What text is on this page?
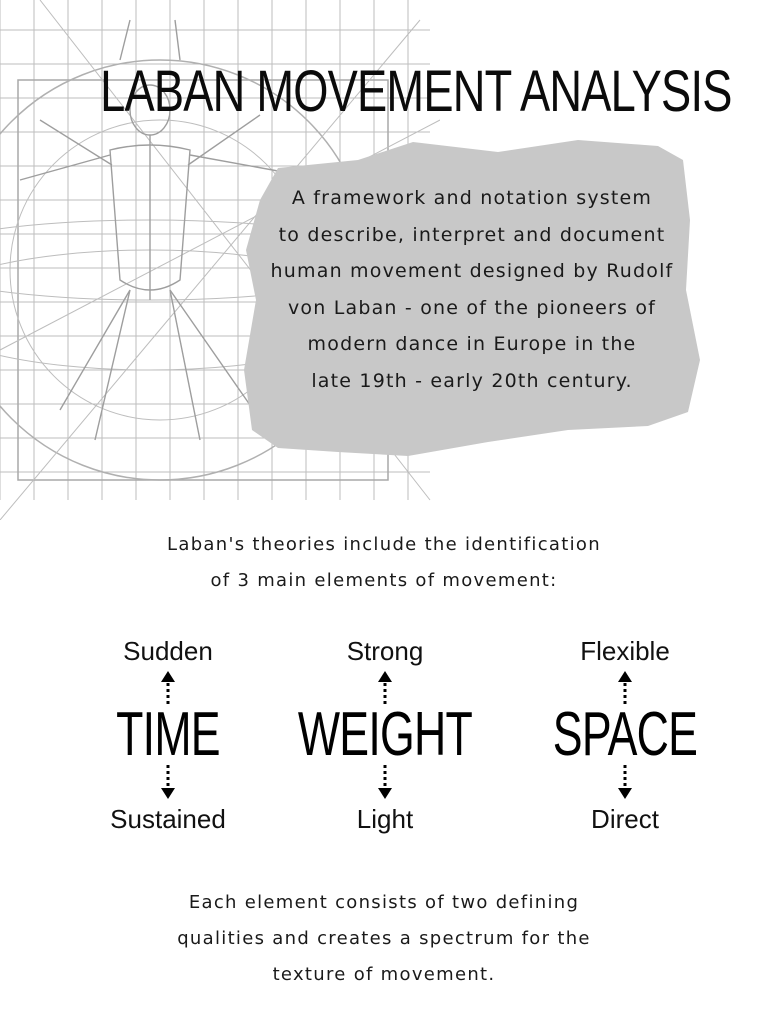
LABAN MOVEMENT ANALYSIS
A framework and notation system
to describe, interpret and document
human movement designed by Rudolf
von Laban - one of the pioneers of
modern dance in Europe in the
late 19th - early 20th century.
Laban's theories include the identification
of 3 main elements of movement:
Sudden
TIME
Sustained
Strong
WEIGHT
Light
Flexible
SPACE
Direct
Each element consists of two defining
qualities and creates a spectrum for the
texture of movement.
